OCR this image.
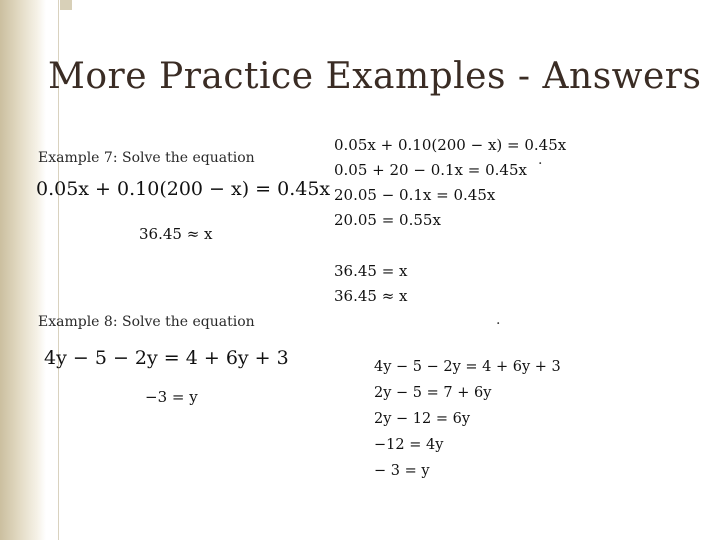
More Practice Examples - Answers
Example 7: Solve the equation
0.05x + 0.10(200 − x) = 0.45x
36.45 ≈ x
0.05x + 0.10(200 − x) = 0.45x
0.05 + 20 − 0.1x = 0.45x
20.05 − 0.1x = 0.45x
20.05 = 0.55x
36.45 = x
36.45 ≈ x
.
Example 8: Solve the equation
4y − 5 − 2y = 4 + 6y + 3
−3 = y
4y − 5 − 2y = 4 + 6y + 3
2y − 5 = 7 + 6y
2y − 12 = 6y
−12 = 4y
− 3 = y
.
